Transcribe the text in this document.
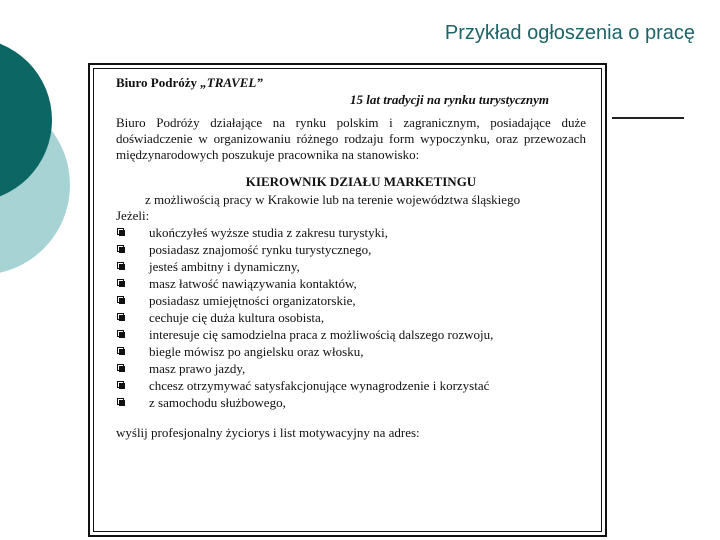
Przykład ogłoszenia o pracę
Biuro Podróży „TRAVEL”
15 lat tradycji na rynku turystycznym
Biuro Podróży działające na rynku polskim i zagranicznym, posiadające duże doświadczenie w organizowaniu różnego rodzaju form wypoczynku, oraz przewozach międzynarodowych poszukuje pracownika na stanowisko:
KIEROWNIK DZIAŁU MARKETINGU
z możliwością pracy w Krakowie lub na terenie województwa śląskiego
Jeżeli:
ukończyłeś wyższe studia z zakresu turystyki,
posiadasz znajomość rynku turystycznego,
jesteś ambitny i dynamiczny,
masz łatwość nawiązywania kontaktów,
posiadasz umiejętności organizatorskie,
cechuje cię duża kultura osobista,
interesuje cię samodzielna praca z możliwością dalszego rozwoju,
biegle mówisz po angielsku oraz włosku,
masz prawo jazdy,
chcesz otrzymywać satysfakcjonujące wynagrodzenie i korzystać
z samochodu służbowego,
wyślij profesjonalny życiorys i list motywacyjny na adres:
